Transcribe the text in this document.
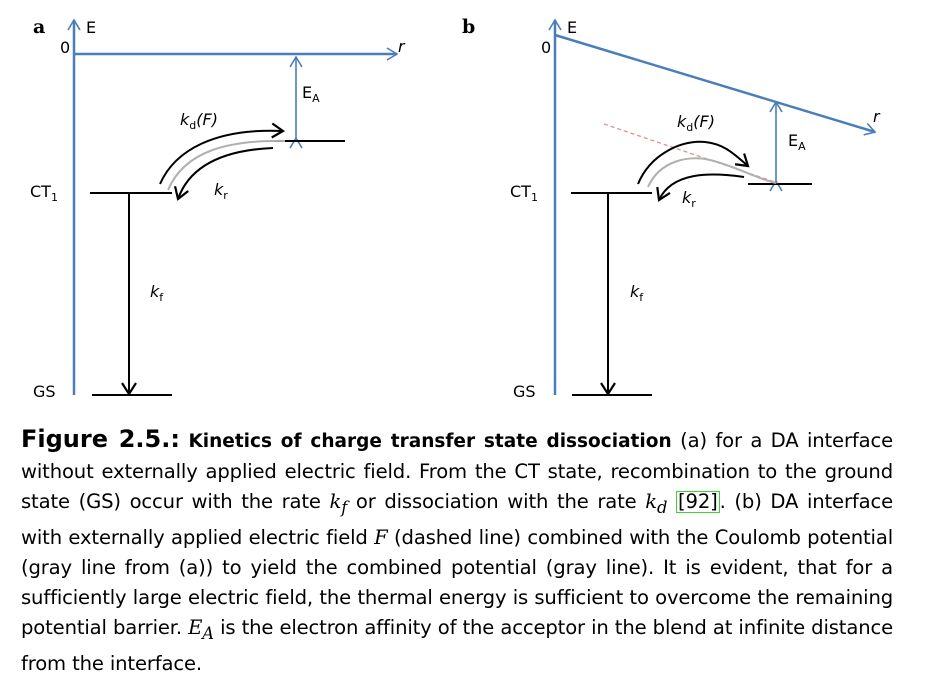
a	E
0	r
$E_A$
$CT_1$
GS
$k_d(F)$
$k_r$
$k_f$
b	E
0
r
$E_A$
$CT_1$
GS
$k_d(F)$
$k_r$
$k_f$
Figure 2.5.: Kinetics of charge transfer state dissociation (a) for a DA interface without externally applied electric field. From the CT state, recombination to the ground state (GS) occur with the rate $k_f$ or dissociation with the rate $k_d$ [92] . (b) DA interface with externally applied electric field F (dashed line) combined with the Coulomb potential (gray line from (a)) to yield the combined potential (gray line). It is evident, that for a sufficiently large electric field, the thermal energy is sufficient to overcome the remaining potential barrier. $E_A$ is the electron affinity of the acceptor in the blend at infinite distance from the interface.
